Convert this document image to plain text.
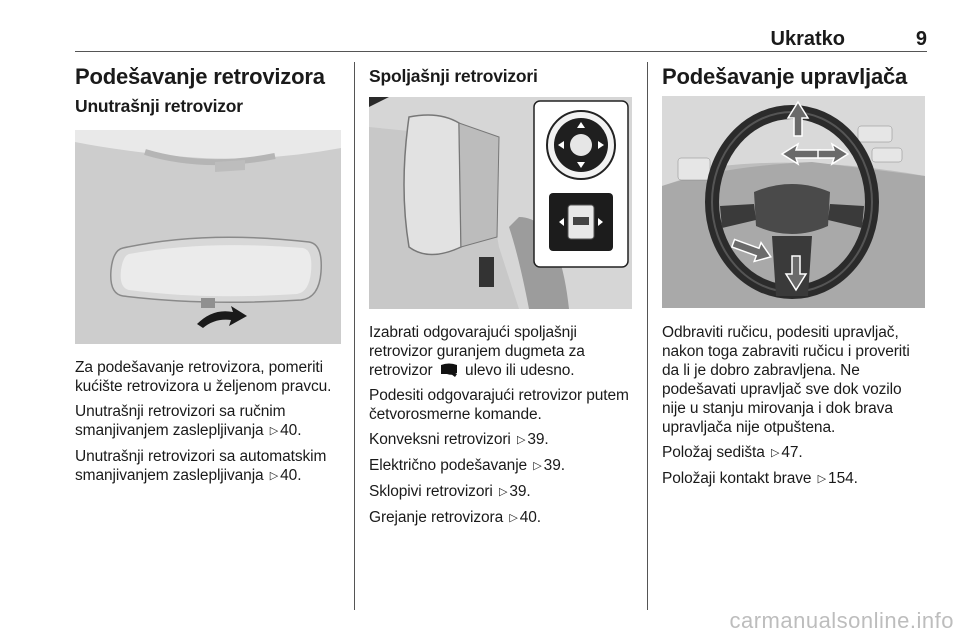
Ukratko	9
Podešavanje retrovizora
Unutrašnji retrovizor

Za podešavanje retrovizora, pomeriti kućište retrovizora u željenom pravcu.

Unutrašnji retrovizori sa ručnim smanjivanjem zaslepljivanja ▷ 40.

Unutrašnji retrovizori sa automatskim smanjivanjem zaslepljivanja ▷ 40.

Spoljašnji retrovizori

Izabrati odgovarajući spoljašnji retrovizor guranjem dugmeta za retrovizor ulevo ili udesno.

Podesiti odgovarajući retrovizor putem četvorosmerne komande.

Konveksni retrovizori ▷ 39.

Električno podešavanje ▷ 39.

Sklopivi retrovizori ▷ 39.

Grejanje retrovizora ▷ 40.

Podešavanje upravljača

Odbraviti ručicu, podesiti upravljač, nakon toga zabraviti ručicu i proveriti da li je dobro zabravljena. Ne podešavati upravljač sve dok vozilo nije u stanju mirovanja i dok brava upravljača nije otpuštena.

Položaj sedišta ▷ 47.

Položaji kontakt brave ▷ 154.

carmanualsonline.info
